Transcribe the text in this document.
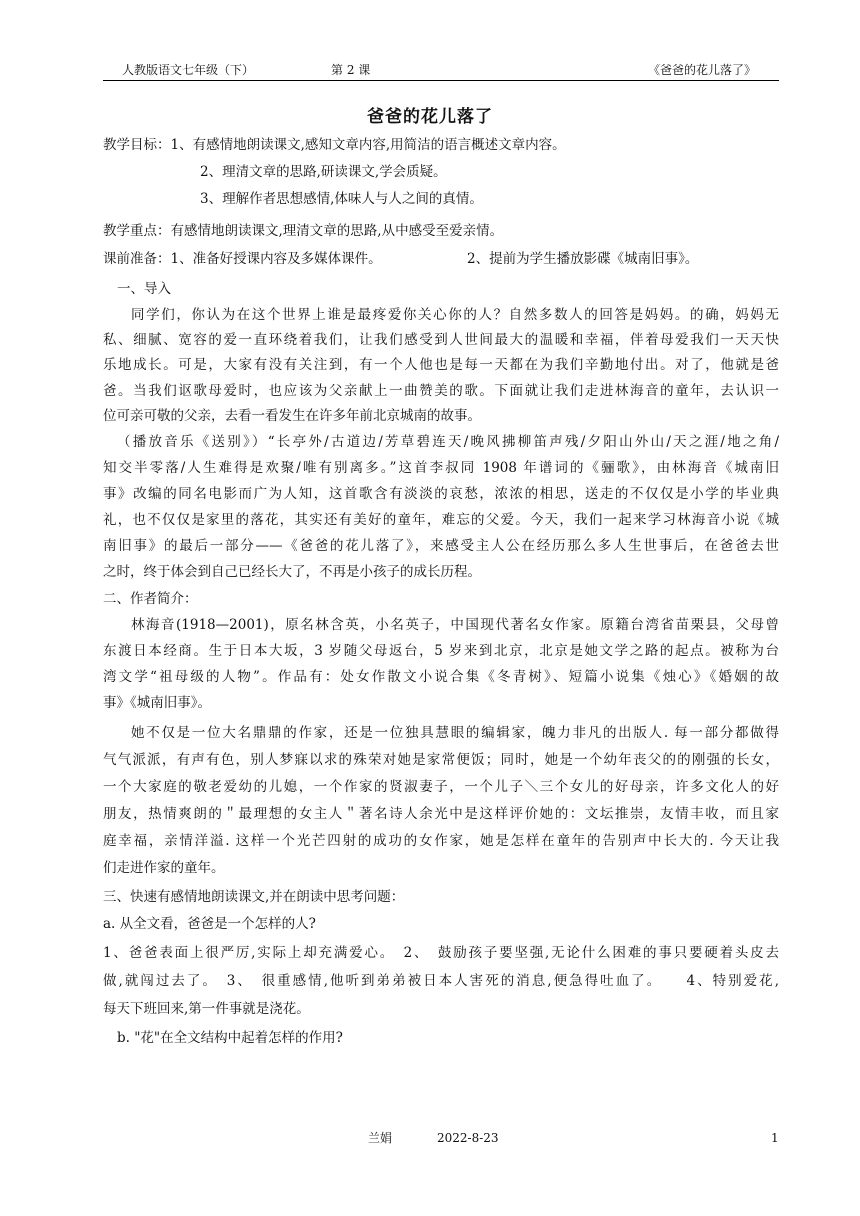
人教版语文七年级（下）	第 2 课	《爸爸的花儿落了》
爸爸的花儿落了
教学目标：1、有感情地朗读课文,感知文章内容,用简洁的语言概述文章内容。
2、理清文章的思路,研读课文,学会质疑。
3、理解作者思想感情,体味人与人之间的真情。
教学重点：有感情地朗读课文,理清文章的思路,从中感受至爱亲情。
课前准备：1、准备好授课内容及多媒体课件。	2、提前为学生播放影碟《城南旧事》。
一、导入
同学们，你认为在这个世界上谁是最疼爱你关心你的人？自然多数人的回答是妈妈。的确，妈妈无
私、细腻、宽容的爱一直环绕着我们，让我们感受到人世间最大的温暖和幸福，伴着母爱我们一天天快
乐地成长。可是，大家有没有关注到，有一个人他也是每一天都在为我们辛勤地付出。对了，他就是爸
爸。当我们讴歌母爱时，也应该为父亲献上一曲赞美的歌。下面就让我们走进林海音的童年，去认识一
位可亲可敬的父亲，去看一看发生在许多年前北京城南的故事。
（播放音乐《送别》）“长亭外/古道边/芳草碧连天/晚风拂柳笛声残/夕阳山外山/天之涯/地之角/
知交半零落/人生难得是欢聚/唯有别离多。”这首李叔同 1908 年谱词的《骊歌》，由林海音《城南旧
事》改编的同名电影而广为人知，这首歌含有淡淡的哀愁，浓浓的相思，送走的不仅仅是小学的毕业典
礼，也不仅仅是家里的落花，其实还有美好的童年，难忘的父爱。今天，我们一起来学习林海音小说《城
南旧事》的最后一部分——《爸爸的花儿落了》，来感受主人公在经历那么多人生世事后，在爸爸去世
之时，终于体会到自己已经长大了，不再是小孩子的成长历程。
二、作者简介：
林海音(1918—2001)，原名林含英，小名英子，中国现代著名女作家。原籍台湾省苗栗县，父母曾
东渡日本经商。生于日本大坂，3 岁随父母返台，5 岁来到北京，北京是她文学之路的起点。被称为台
湾文学“祖母级的人物”。作品有：处女作散文小说合集《冬青树》、短篇小说集《烛心》《婚姻的故
事》《城南旧事》。
她不仅是一位大名鼎鼎的作家，还是一位独具慧眼的编辑家，魄力非凡的出版人. 每一部分都做得
气气派派，有声有色，别人梦寐以求的殊荣对她是家常便饭；同时，她是一个幼年丧父的的刚强的长女，
一个大家庭的敬老爱幼的儿媳，一个作家的贤淑妻子，一个儿子＼三个女儿的好母亲，许多文化人的好
朋友，热情爽朗的＂最理想的女主人＂著名诗人余光中是这样评价她的：文坛推崇，友情丰收，而且家
庭幸福，亲情洋溢. 这样一个光芒四射的成功的女作家，她是怎样在童年的告别声中长大的. 今天让我
们走进作家的童年。
三、快速有感情地朗读课文,并在朗读中思考问题：
a. 从全文看，爸爸是一个怎样的人?
1、爸爸表面上很严厉,实际上却充满爱心。　2、　鼓励孩子要坚强,无论什么困难的事只要硬着头皮去
做,就闯过去了。　3、　很重感情,他听到弟弟被日本人害死的消息,便急得吐血了。　　4、特别爱花,
每天下班回来,第一件事就是浇花。
b. "花"在全文结构中起着怎样的作用?
兰娟	2022-8-23	1
